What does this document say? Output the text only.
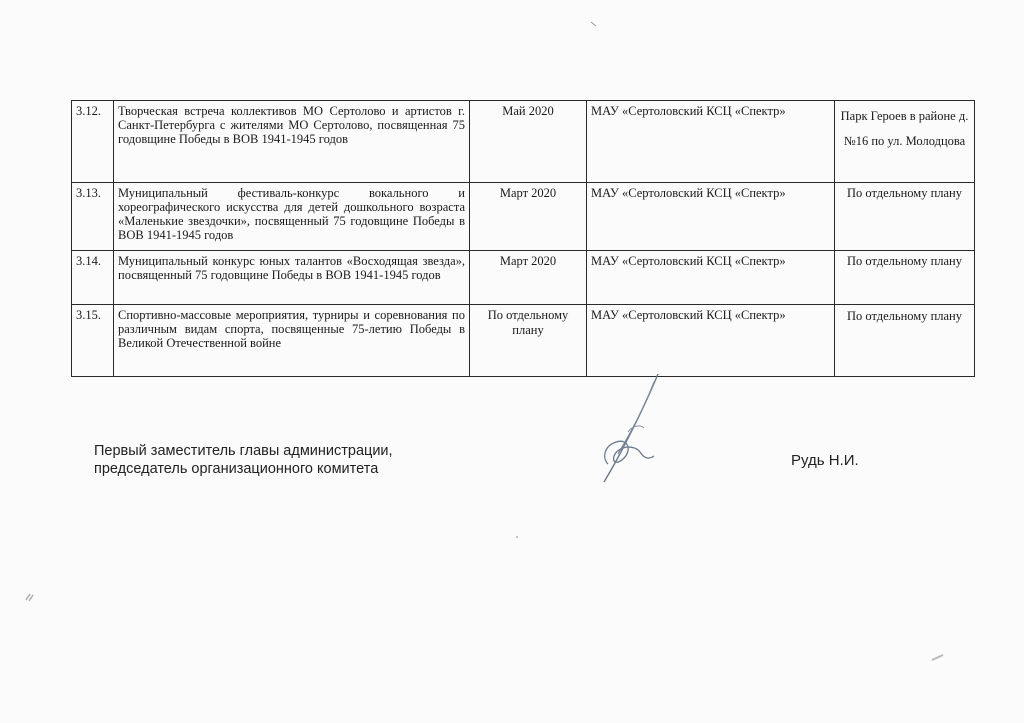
3.12.	Творческая встреча коллективов МО Сертолово и артистов г. Санкт-Петербурга с жителями МО Сертолово, посвященная 75 годовщине Победы в ВОВ 1941-1945 годов	Май 2020	МАУ «Сертоловский КСЦ «Спектр»	Парк Героев в районе д.№16 по ул. Молодцова
3.13.	Муниципальный фестиваль-конкурс вокального и хореографического искусства для детей дошкольного возраста «Маленькие звездочки», посвященный 75 годовщине Победы в ВОВ 1941-1945 годов	Март 2020	МАУ «Сертоловский КСЦ «Спектр»	По отдельному плану
3.14.	Муниципальный конкурс юных талантов «Восходящая звезда», посвященный 75 годовщине Победы в ВОВ 1941-1945 годов	Март 2020	МАУ «Сертоловский КСЦ «Спектр»	По отдельному плану
3.15.	Спортивно-массовые мероприятия, турниры и соревнования по различным видам спорта, посвященные 75-летию Победы в Великой Отечественной войне	По отдельному плану	МАУ «Сертоловский КСЦ «Спектр»	По отдельному плану
Первый заместитель главы администрации,
председатель организационного комитета	Рудь Н.И.
